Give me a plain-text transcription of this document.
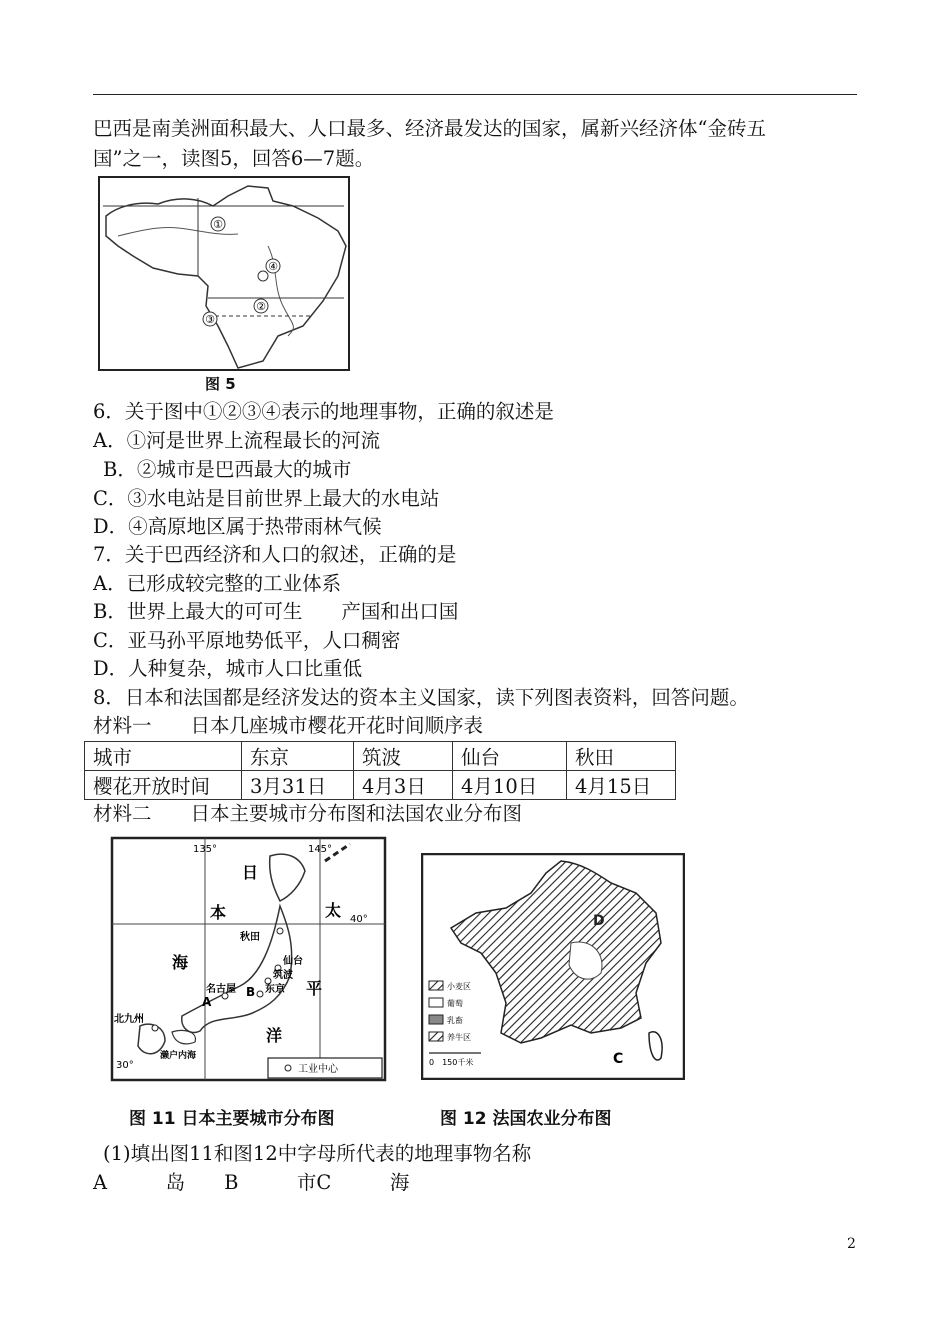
巴西是南美洲面积最大、人口最多、经济最发达的国家，属新兴经济体“金砖五
国”之一，读图5，回答6—7题。
①
②
③
④
图 5
6．关于图中①②③④表示的地理事物，正确的叙述是
A．①河是世界上流程最长的河流
B．②城市是巴西最大的城市
C．③水电站是目前世界上最大的水电站
D．④高原地区属于热带雨林气候
7．关于巴西经济和人口的叙述，正确的是
A．已形成较完整的工业体系
B．世界上最大的可可生　　产国和出口国
C．亚马孙平原地势低平，人口稠密
D．人种复杂，城市人口比重低
8．日本和法国都是经济发达的资本主义国家，读下列图表资料，回答问题。
材料一　　日本几座城市樱花开花时间顺序表
城市	东京	筑波	仙台	秋田
樱花开放时间	3月31日	4月3日	4月10日	4月15日
材料二　　日本主要城市分布图和法国农业分布图
135°	145°
40°
30°
日
本
海
太
平
洋
秋田
仙台
筑波
东京
名古屋 B
A
北九州
濑户内海
工业中心
D
C
小麦区
葡萄
乳畜
养牛区
0　150千米
图 11 日本主要城市分布图	图 12 法国农业分布图
(1)填出图11和图12中字母所代表的地理事物名称
A　　　岛　　B　　　市C　　　海
2
